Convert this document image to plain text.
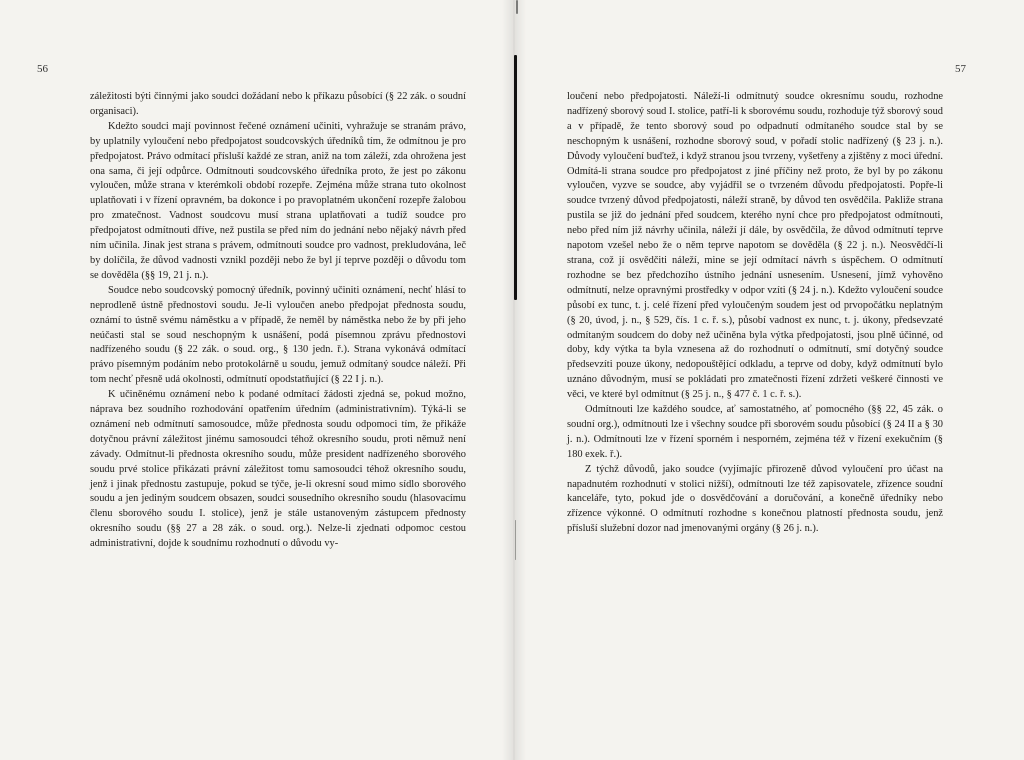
56	57

záležitosti býti činnými jako soudci dožádaní nebo k příkazu působící (§ 22 zák. o soudní organisaci).

Kdežto soudci mají povinnost řečené oznámení učiniti, vyhražuje se stranám právo, by uplatnily vyloučení nebo předpojatost soudcovských úředníků tím, že odmítnou je pro předpojatost. Právo odmítací přísluší každé ze stran, aniž na tom záleží, zda ohrožena jest ona sama, či její odpůrce. Odmítnouti soudcovského úředníka proto, že jest po zákonu vyloučen, může strana v kterémkoli období rozepře. Zejména může strana tuto okolnost uplatňovati i v řízení opravném, ba dokonce i po pravoplatném ukončení rozepře žalobou pro zmatečnost. Vadnost soudcovu musí strana uplatňovati a tudíž soudce pro předpojatost odmítnouti dříve, než pustila se před ním do jednání nebo nějaký návrh před ním učinila. Jinak jest strana s právem, odmítnouti soudce pro vadnost, prekludována, leč by dolíčila, že důvod vadnosti vznikl později nebo že byl jí teprve později o důvodu tom se dověděla (§§ 19, 21 j. n.).

Soudce nebo soudcovský pomocný úředník, povinný učiniti oznámení, nechť hlásí to neprodleně ústně přednostovi soudu. Je-li vyloučen anebo předpojat přednosta soudu, oznámí to ústně svému náměstku a v případě, že neměl by náměstka nebo že by při jeho neúčasti stal se soud neschopným k usnášení, podá písemnou zprávu přednostovi nadřízeného soudu (§ 22 zák. o soud. org., § 130 jedn. ř.). Strana vykonává odmítací právo písemným podáním nebo protokolárně u soudu, jemuž odmítaný soudce náleží. Při tom nechť přesně udá okolnosti, odmítnutí opodstatňující (§ 22 I j. n.).

K učiněnému oznámení nebo k podané odmítací žádosti zjedná se, pokud možno, náprava bez soudního rozhodování opatřením úředním (administrativním). Týká-li se oznámení neb odmítnutí samosoudce, může přednosta soudu odpomoci tím, že přikáže dotyčnou právní záležitost jinému samosoudci téhož okresního soudu, proti němuž není závady. Odmítnut-li přednosta okresního soudu, může president nadřízeného sborového soudu prvé stolice přikázati právní záležitost tomu samosoudci téhož okresního soudu, jenž i jinak přednostu zastupuje, pokud se týče, je-li okresní soud mimo sídlo sborového soudu a jen jediným soudcem obsazen, soudci sousedního okresního soudu (hlasovacímu členu sborového soudu I. stolice), jenž je stále ustanoveným zástupcem přednosty okresního soudu (§§ 27 a 28 zák. o soud. org.). Nelze-li zjednati odpomoc cestou administrativní, dojde k soudnímu rozhodnutí o důvodu vy-

loučení nebo předpojatosti. Náleží-li odmítnutý soudce okresnímu soudu, rozhodne nadřízený sborový soud I. stolice, patří-li k sborovému soudu, rozhoduje týž sborový soud a v případě, že tento sborový soud po odpadnutí odmítaného soudce stal by se neschopným k usnášení, rozhodne sborový soud, v pořadí stolic nadřízený (§ 23 j. n.). Důvody vyloučení buďtež, i když stranou jsou tvrzeny, vyšetřeny a zjištěny z moci úřední. Odmítá-li strana soudce pro předpojatost z jiné příčiny než proto, že byl by po zákonu vyloučen, vyzve se soudce, aby vyjádřil se o tvrzeném důvodu předpojatosti. Popře-li soudce tvrzený důvod předpojatosti, náleží straně, by důvod ten osvědčila. Pakliže strana pustila se již do jednání před soudcem, kterého nyní chce pro předpojatost odmítnouti, nebo před ním již návrhy učinila, náleží jí dále, by osvědčila, že důvod odmítnutí teprve napotom vzešel nebo že o něm teprve napotom se dověděla (§ 22 j. n.). Neosvědčí-li strana, což jí osvědčiti náleží, mine se její odmítací návrh s úspěchem. O odmítnutí rozhodne se bez předchozího ústního jednání usnesením. Usnesení, jímž vyhověno odmítnutí, nelze opravnými prostředky v odpor vzíti (§ 24 j. n.). Kdežto vyloučení soudce působí ex tunc, t. j. celé řízení před vyloučeným soudem jest od prvopočátku neplatným (§ 20, úvod, j. n., § 529, čís. 1 c. ř. s.), působí vadnost ex nunc, t. j. úkony, předsevzaté odmítaným soudcem do doby než učiněna byla výtka předpojatosti, jsou plně účinné, od doby, kdy výtka ta byla vznesena až do rozhodnutí o odmítnutí, smí dotyčný soudce předsevzíti pouze úkony, nedopouštějící odkladu, a teprve od doby, když odmítnutí bylo uznáno důvodným, musí se pokládati pro zmatečnosti řízení zdržeti veškeré činnosti ve věci, ve které byl odmítnut (§ 25 j. n., § 477 č. 1 c. ř. s.).

Odmítnouti lze každého soudce, ať samostatného, ať pomocného (§§ 22, 45 zák. o soudní org.), odmítnouti lze i všechny soudce při sborovém soudu působící (§ 24 II a § 30 j. n.). Odmítnouti lze v řízení sporném i nesporném, zejména též v řízení exekučním (§ 180 exek. ř.).

Z týchž důvodů, jako soudce (vyjímajíc přirozeně důvod vyloučení pro účast na napadnutém rozhodnutí v stolici nižší), odmítnouti lze též zapisovatele, zřízence soudní kanceláře, tyto, pokud jde o dosvědčování a doručování, a konečně úředníky nebo zřízence výkonné. O odmítnutí rozhodne s konečnou platností přednosta soudu, jenž přísluší služební dozor nad jmenovanými orgány (§ 26 j. n.).
